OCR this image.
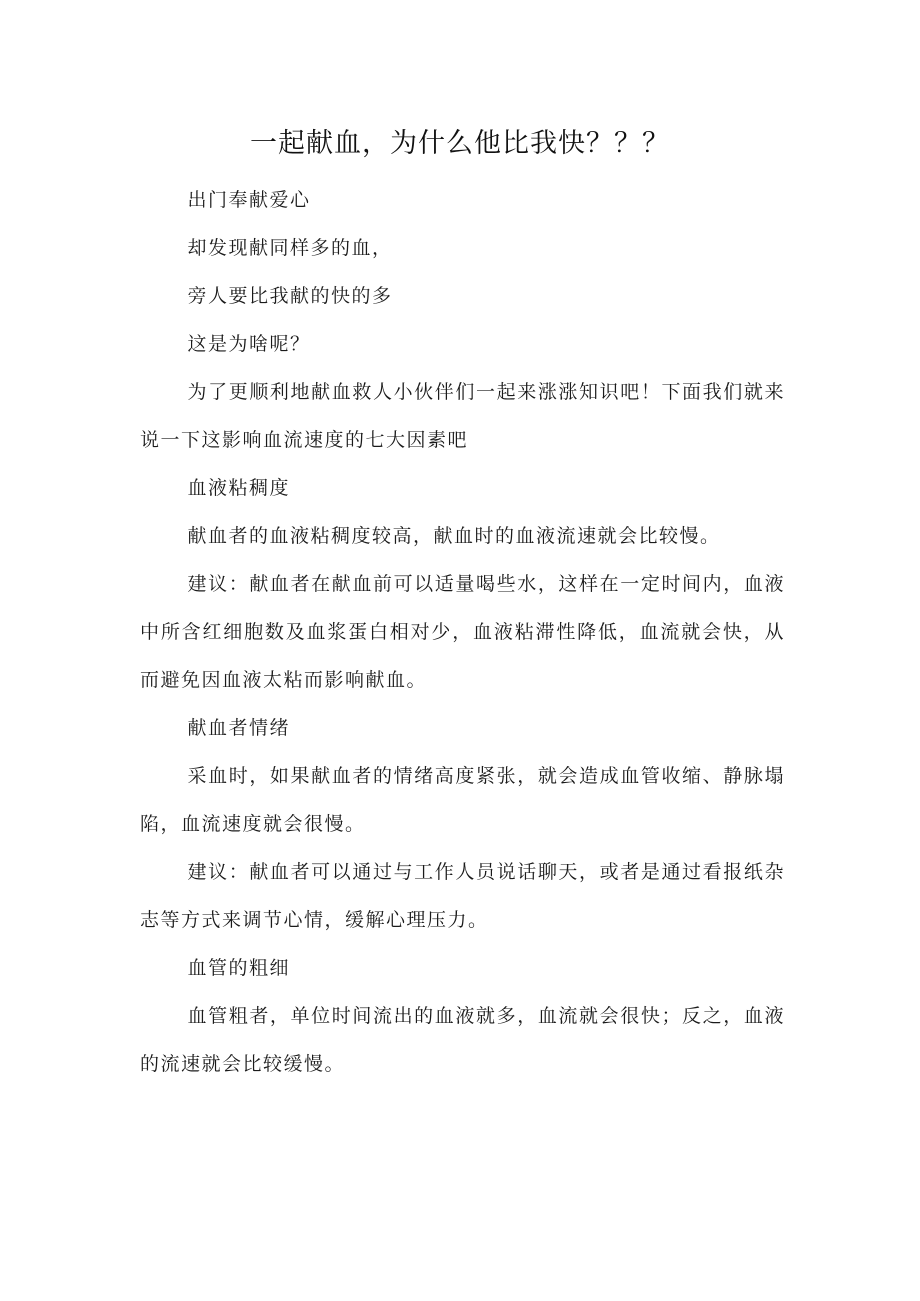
一起献血，为什么他比我快？？？

出门奉献爱心

却发现献同样多的血，

旁人要比我献的快的多

这是为啥呢？

为了更顺利地献血救人小伙伴们一起来涨涨知识吧！下面我们就来说一下这影响血流速度的七大因素吧

血液粘稠度

献血者的血液粘稠度较高，献血时的血液流速就会比较慢。

建议：献血者在献血前可以适量喝些水，这样在一定时间内，血液中所含红细胞数及血浆蛋白相对少，血液粘滞性降低，血流就会快，从而避免因血液太粘而影响献血。

献血者情绪

采血时，如果献血者的情绪高度紧张，就会造成血管收缩、静脉塌陷，血流速度就会很慢。

建议：献血者可以通过与工作人员说话聊天，或者是通过看报纸杂志等方式来调节心情，缓解心理压力。

血管的粗细

血管粗者，单位时间流出的血液就多，血流就会很快；反之，血液的流速就会比较缓慢。
